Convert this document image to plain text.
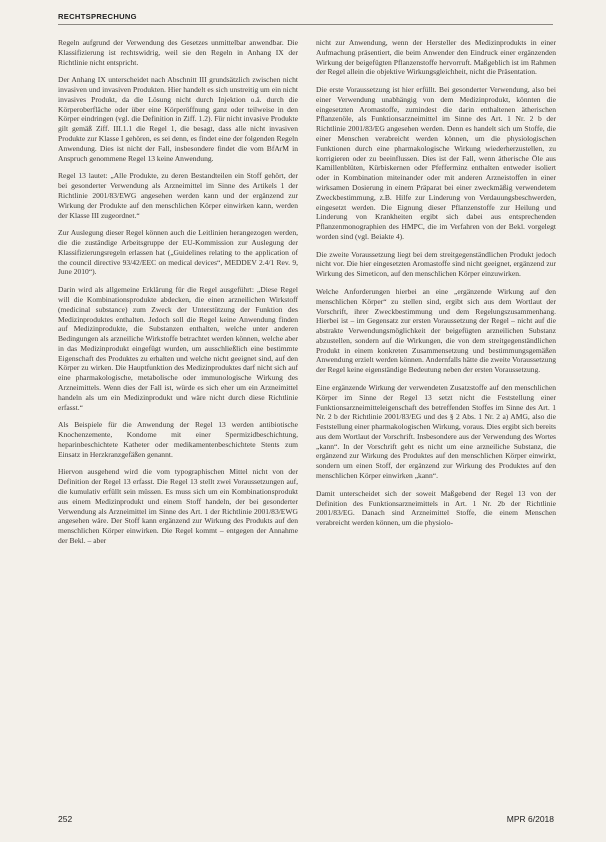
RECHTSPRECHUNG

Regeln aufgrund der Verwendung des Gesetzes unmittelbar anwendbar. Die Klassifizierung ist rechtswidrig, weil sie den Regeln in Anhang IX der Richtlinie nicht entspricht.

Der Anhang IX unterscheidet nach Abschnitt III grundsätzlich zwischen nicht invasiven und invasiven Produkten. Hier handelt es sich unstreitig um ein nicht invasives Produkt, da die Lösung nicht durch Injektion o.ä. durch die Körperoberfläche oder über eine Körperöffnung ganz oder teilweise in den Körper eindringen (vgl. die Definition in Ziff. 1.2). Für nicht invasive Produkte gilt gemäß Ziff. III.1.1 die Regel 1, die besagt, dass alle nicht invasiven Produkte zur Klasse I gehören, es sei denn, es findet eine der folgenden Regeln Anwendung. Dies ist nicht der Fall, insbesondere findet die vom BfArM in Anspruch genommene Regel 13 keine Anwendung.

Regel 13 lautet: „Alle Produkte, zu deren Bestandteilen ein Stoff gehört, der bei gesonderter Verwendung als Arzneimittel im Sinne des Artikels 1 der Richtlinie 2001/83/EWG angesehen werden kann und der ergänzend zur Wirkung der Produkte auf den menschlichen Körper einwirken kann, werden der Klasse III zugeordnet.“

Zur Auslegung dieser Regel können auch die Leitlinien herangezogen werden, die die zuständige Arbeitsgruppe der EU-Kommission zur Auslegung der Klassifizierungsregeln erlassen hat („Guidelines relating to the application of the council directive 93/42/EEC on medical devices“, MEDDEV 2.4/1 Rev. 9, June 2010“).

Darin wird als allgemeine Erklärung für die Regel ausgeführt: „Diese Regel will die Kombinationsprodukte abdecken, die einen arzneilichen Wirkstoff (medicinal substance) zum Zweck der Unterstützung der Funktion des Medizinproduktes enthalten. Jedoch soll die Regel keine Anwendung finden auf Medizinprodukte, die Substanzen enthalten, welche unter anderen Bedingungen als arzneiliche Wirkstoffe betrachtet werden können, welche aber in das Medizinprodukt eingefügt wurden, um ausschließlich eine bestimmte Eigenschaft des Produktes zu erhalten und welche nicht geeignet sind, auf den Körper zu wirken. Die Hauptfunktion des Medizinproduktes darf nicht sich auf eine pharmakologische, metabolische oder immunologische Wirkung des Arzneimittels. Wenn dies der Fall ist, würde es sich eher um ein Arzneimittel handeln als um ein Medizinprodukt und wäre nicht durch diese Richtlinie erfasst.“

Als Beispiele für die Anwendung der Regel 13 werden antibiotische Knochenzemente, Kondome mit einer Spermizidbeschichtung, heparinbeschichtete Katheter oder medikamentenbeschichtete Stents zum Einsatz in Herzkranzgefäßen genannt.

Hiervon ausgehend wird die vom typographischen Mittel nicht von der Definition der Regel 13 erfasst. Die Regel 13 stellt zwei Voraussetzungen auf, die kumulativ erfüllt sein müssen. Es muss sich um ein Kombinationsprodukt aus einem Medizinprodukt und einem Stoff handeln, der bei gesonderter Verwendung als Arzneimittel im Sinne des Art. 1 der Richtlinie 2001/83/EWG angesehen wäre. Der Stoff kann ergänzend zur Wirkung des Produkts auf den menschlichen Körper einwirken. Die Regel kommt – entgegen der Annahme der Bekl. – aber

nicht zur Anwendung, wenn der Hersteller des Medizinprodukts in einer Aufmachung präsentiert, die beim Anwender den Eindruck einer ergänzenden Wirkung der beigefügten Pflanzenstoffe hervorruft. Maßgeblich ist im Rahmen der Regel allein die objektive Wirkungsgleichheit, nicht die Präsentation.

Die erste Voraussetzung ist hier erfüllt. Bei gesonderter Verwendung, also bei einer Verwendung unabhängig von dem Medizinprodukt, könnten die eingesetzten Aromastoffe, zumindest die darin enthaltenen ätherischen Pflanzenöle, als Funktionsarzneimittel im Sinne des Art. 1 Nr. 2 b der Richtlinie 2001/83/EG angesehen werden. Denn es handelt sich um Stoffe, die einer Menschen verabreicht werden können, um die physiologischen Funktionen durch eine pharmakologische Wirkung wiederherzustellen, zu korrigieren oder zu beeinflussen. Dies ist der Fall, wenn ätherische Öle aus Kamillenblüten, Kürbiskernen oder Pfefferminz enthalten entweder isoliert oder in Kombination miteinander oder mit anderen Arzneistoffen in einer wirksamen Dosierung in einem Präparat bei einer zweckmäßig verwendetem Zweckbestimmung, z.B. Hilfe zur Linderung von Verdauungsbeschwerden, eingesetzt werden. Die Eignung dieser Pflanzenstoffe zur Heilung und Linderung von Krankheiten ergibt sich dabei aus entsprechenden Pflanzenmonographien des HMPC, die im Verfahren von der Bekl. vorgelegt worden sind (vgl. Beiakte 4).

Die zweite Voraussetzung liegt bei dem streitgegenständlichen Produkt jedoch nicht vor. Die hier eingesetzten Aromastoffe sind nicht geeignet, ergänzend zur Wirkung des Simeticon, auf den menschlichen Körper einzuwirken.

Welche Anforderungen hierbei an eine „ergänzende Wirkung auf den menschlichen Körper“ zu stellen sind, ergibt sich aus dem Wortlaut der Vorschrift, ihrer Zweckbestimmung und dem Regelungszusammenhang. Hierbei ist – im Gegensatz zur ersten Voraussetzung der Regel – nicht auf die abstrakte Verwendungsmöglichkeit der beigefügten arzneilichen Substanz abzustellen, sondern auf die Wirkungen, die von dem streitgegenständlichen Produkt in einem konkreten Zusammensetzung und bestimmungsgemäßen Anwendung erzielt werden können. Andernfalls hätte die zweite Voraussetzung der Regel keine eigenständige Bedeutung neben der ersten Voraussetzung.

Eine ergänzende Wirkung der verwendeten Zusatzstoffe auf den menschlichen Körper im Sinne der Regel 13 setzt nicht die Feststellung einer Funktionsarzneimitteleigenschaft des betreffenden Stoffes im Sinne des Art. 1 Nr. 2 b der Richtlinie 2001/83/EG und des § 2 Abs. 1 Nr. 2 a) AMG, also die Feststellung einer pharmakologischen Wirkung, voraus. Dies ergibt sich bereits aus dem Wortlaut der Vorschrift. Insbesondere aus der Verwendung des Wortes „kann“. In der Vorschrift geht es nicht um eine arzneiliche Substanz, die ergänzend zur Wirkung des Produktes auf den menschlichen Körper einwirkt, sondern um einen Stoff, der ergänzend zur Wirkung des Produktes auf den menschlichen Körper einwirken „kann“.

Damit unterscheidet sich der soweit Maßgebend der Regel 13 von der Definition des Funktionsarzneimittels in Art. 1 Nr. 2b der Richtlinie 2001/83/EG. Danach sind Arzneimittel Stoffe, die einem Menschen verabreicht werden können, um die physiolo-

252	MPR 6/2018
